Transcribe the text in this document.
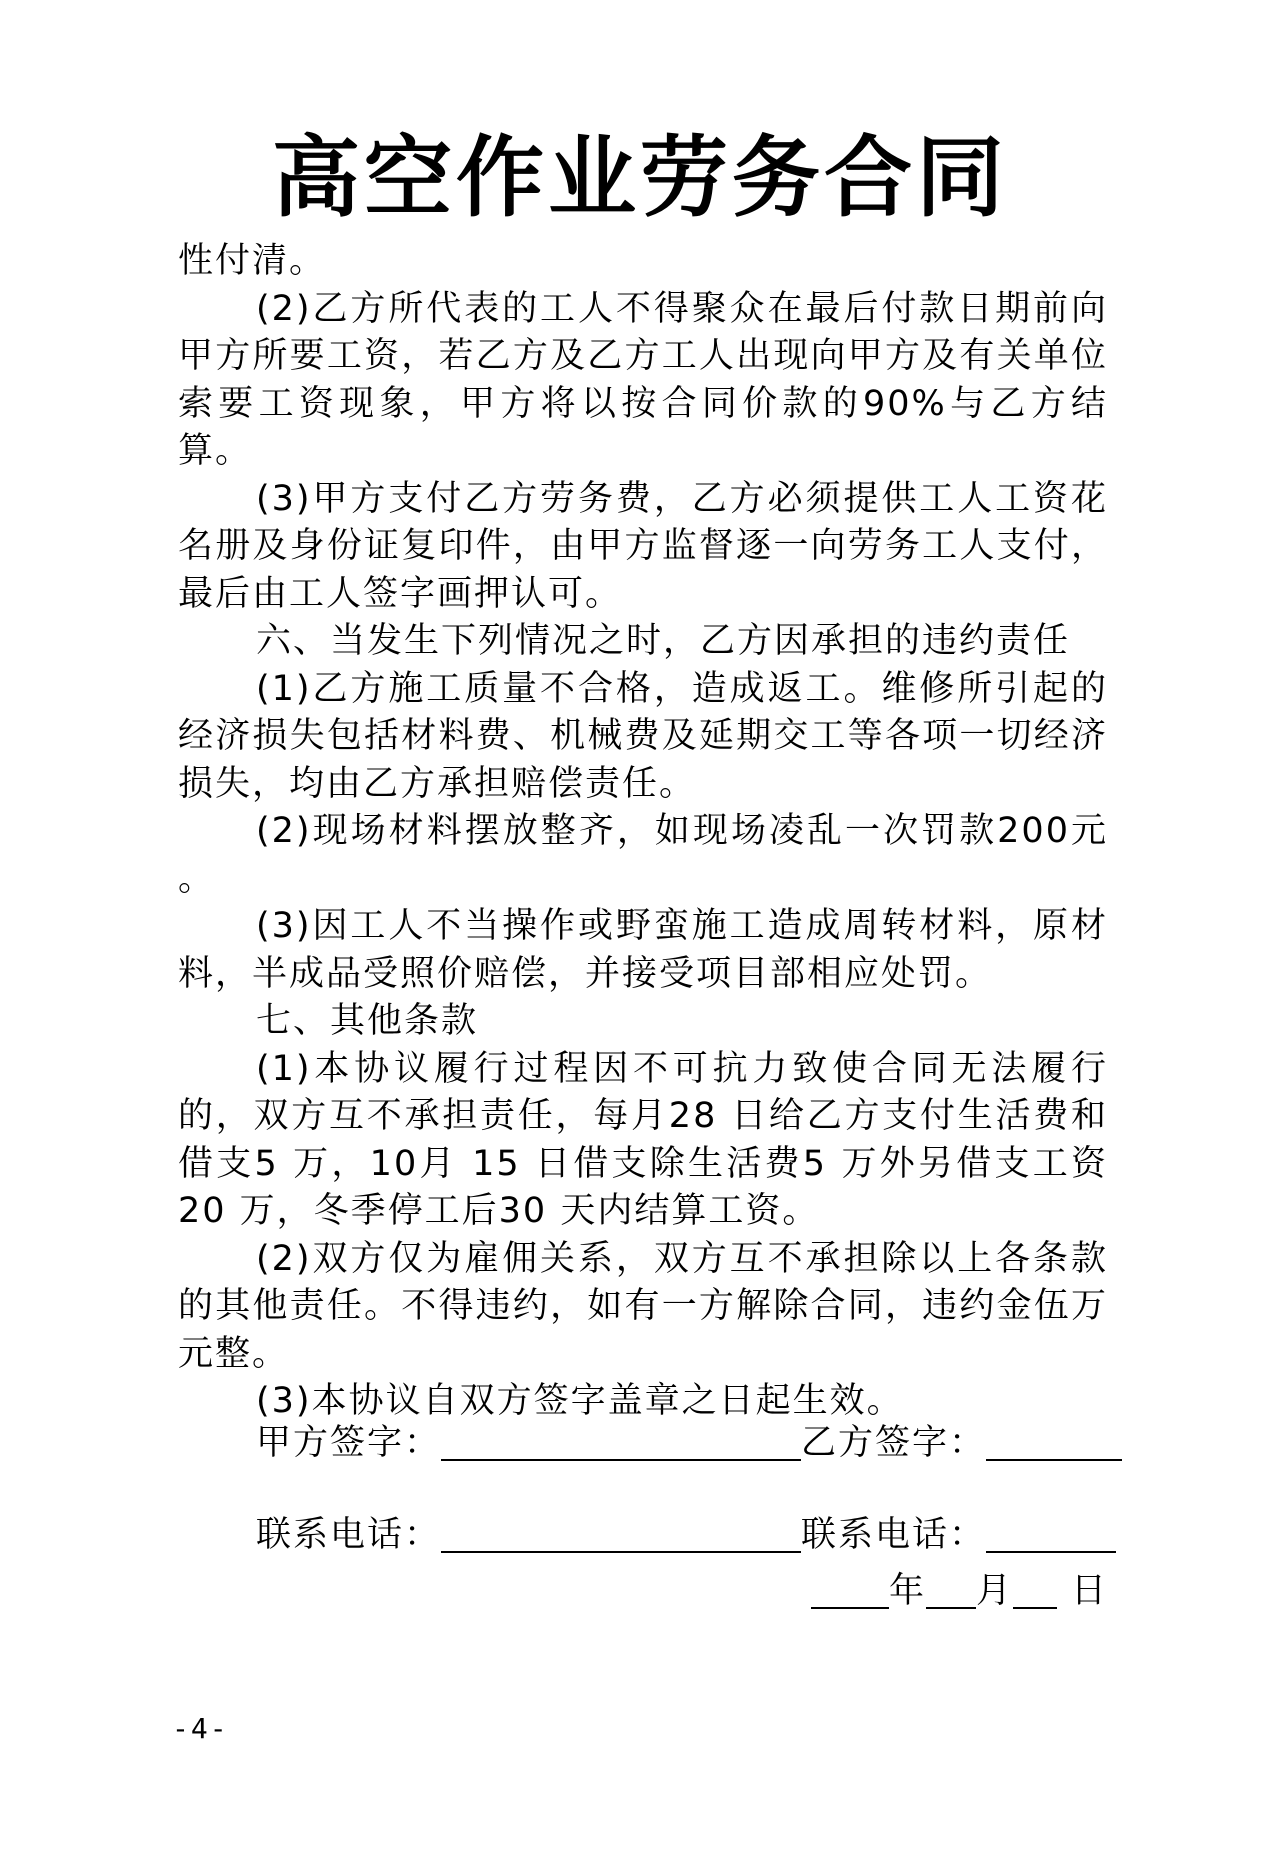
高空作业劳务合同

性付清。

(2)乙方所代表的工人不得聚众在最后付款日期前向甲方所要工资，若乙方及乙方工人出现向甲方及有关单位索要工资现象，甲方将以按合同价款的90%与乙方结算。

(3)甲方支付乙方劳务费，乙方必须提供工人工资花名册及身份证复印件，由甲方监督逐一向劳务工人支付，最后由工人签字画押认可。

六、当发生下列情况之时，乙方因承担的违约责任

(1)乙方施工质量不合格，造成返工。维修所引起的经济损失包括材料费、机械费及延期交工等各项一切经济损失，均由乙方承担赔偿责任。

(2)现场材料摆放整齐，如现场凌乱一次罚款200元 。

(3)因工人不当操作或野蛮施工造成周转材料，原材料，半成品受照价赔偿，并接受项目部相应处罚。

七、其他条款

(1)本协议履行过程因不可抗力致使合同无法履行的，双方互不承担责任，每月28 日给乙方支付生活费和借支5 万，10月 15 日借支除生活费5 万外另借支工资 20 万，冬季停工后30 天内结算工资。

(2)双方仅为雇佣关系，双方互不承担除以上各条款的其他责任。不得违约，如有一方解除合同，违约金伍万元整。

(3)本协议自双方签字盖章之日起生效。

甲方签字：	乙方签字：
联系电话：	联系电话：
年 月 日
-4-
